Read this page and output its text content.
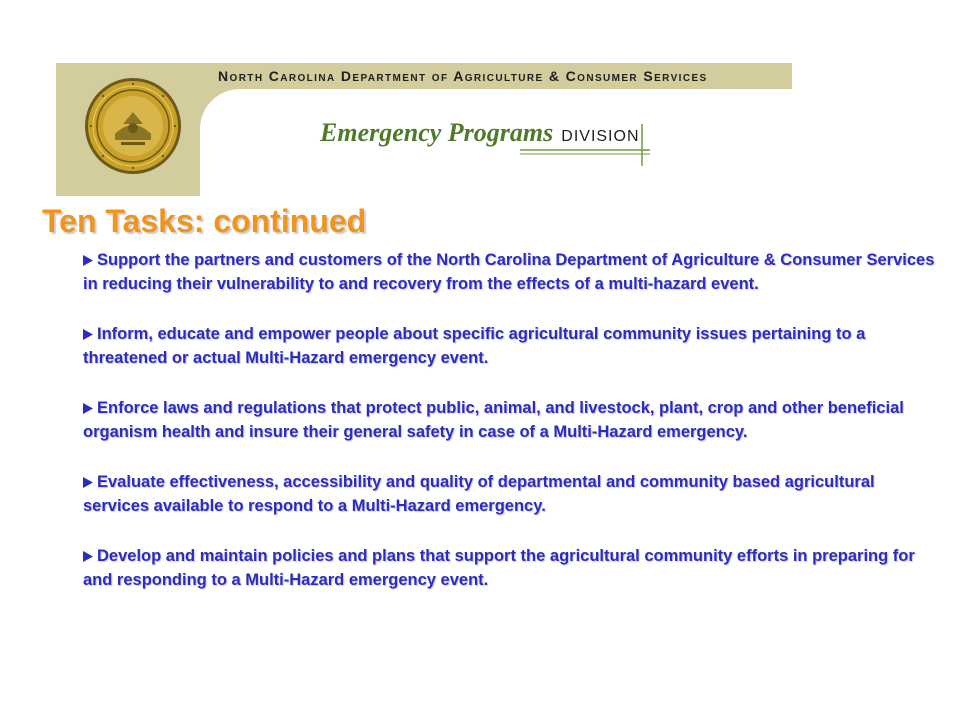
North Carolina Department of Agriculture & Consumer Services
Emergency Programs DIVISION
Ten Tasks: continued
Support the partners and customers of the North Carolina Department of Agriculture & Consumer Services in reducing their vulnerability to and recovery from the effects of a multi-hazard event.
Inform, educate and empower people about specific agricultural community issues pertaining to a threatened or actual Multi-Hazard emergency event.
Enforce laws and regulations that protect public, animal, and livestock, plant, crop and other beneficial organism health and insure their general safety in case of a Multi-Hazard emergency.
Evaluate effectiveness, accessibility and quality of departmental and community based agricultural services available to respond to a Multi-Hazard emergency.
Develop and maintain policies and plans that support the agricultural community efforts in preparing for and responding to a Multi-Hazard emergency event.
